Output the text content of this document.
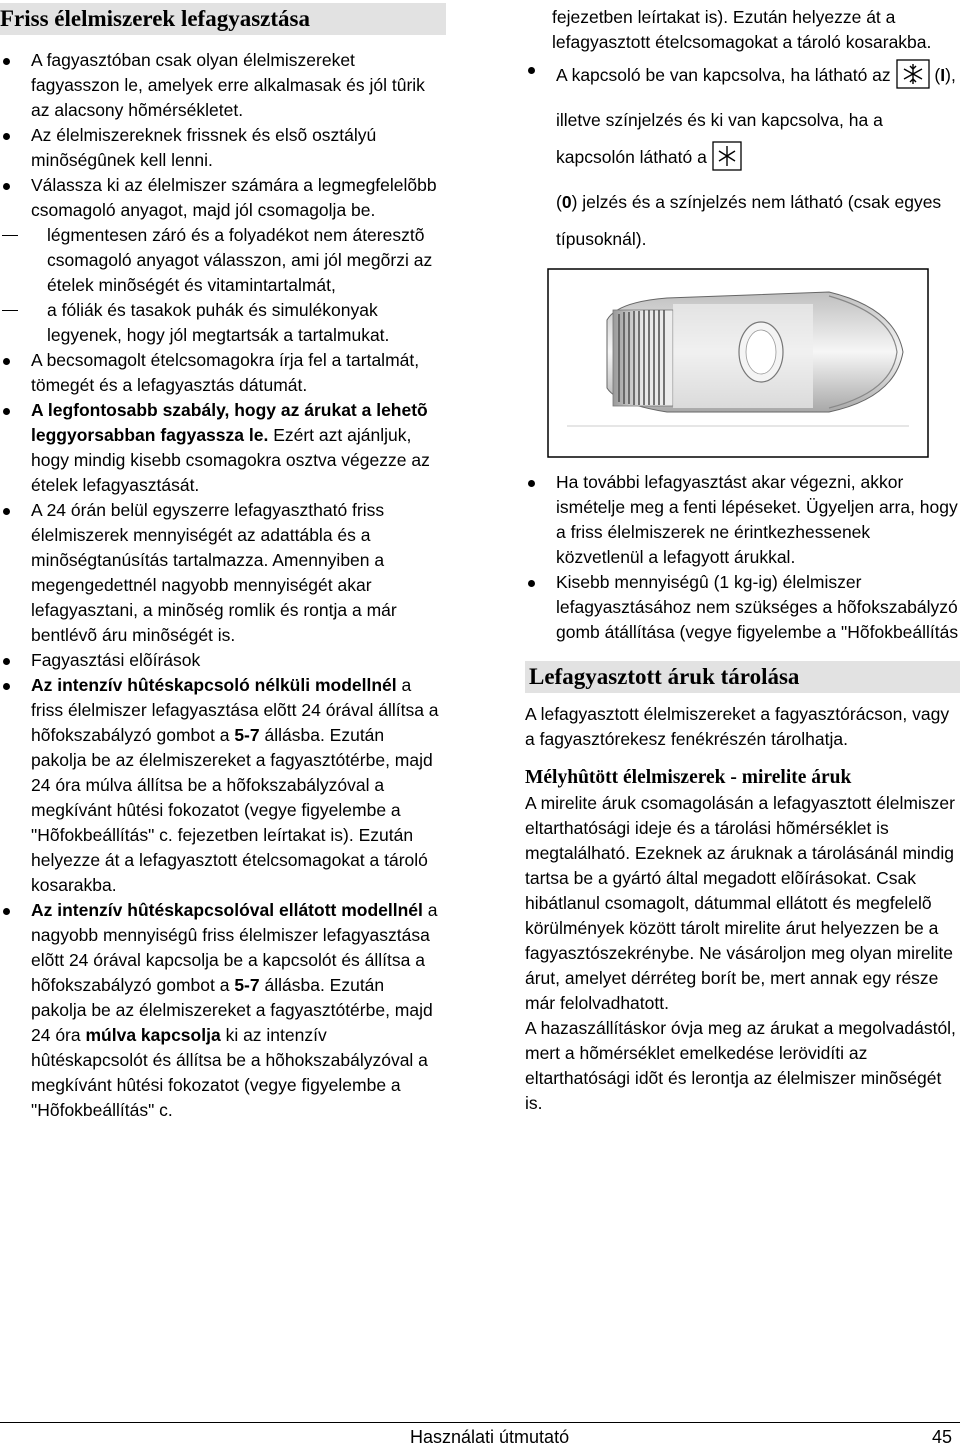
Friss élelmiszerek lefagyasztása
A fagyasztóban csak olyan élelmiszereket fagyasszon le, amelyek erre alkalmasak és jól tûrik az alacsony hõmérsékletet.
Az élelmiszereknek frissnek és elsõ osztályú minõségûnek kell lenni.
Válassza ki az élelmiszer számára a legmegfelelõbb csomagoló anyagot, majd jól csomagolja be.
légmentesen záró és a folyadékot nem áteresztõ csomagoló anyagot válasszon, ami jól megõrzi az ételek minõségét és vitamintartalmát,
a fóliák és tasakok puhák és simulékonyak legyenek, hogy jól megtartsák a tartalmukat.
A becsomagolt ételcsomagokra írja fel a tartalmát, tömegét és a lefagyasztás dátumát.
A legfontosabb szabály, hogy az árukat a lehetõ leggyorsabban fagyassza le. Ezért azt ajánljuk, hogy mindig kisebb csomagokra osztva végezze az ételek lefagyasztását.
A 24 órán belül egyszerre lefagyasztható friss élelmiszerek mennyiségét az adattábla és a minõségtanúsítás tartalmazza. Amennyiben a megengedettnél nagyobb mennyiségét akar lefagyasztani, a minõség romlik és rontja a már bentlévõ áru minõségét is.
Fagyasztási elõírások
Az intenzív hûtéskapcsoló nélküli modellnél a friss élelmiszer lefagyasztása elõtt 24 órával állítsa a hõfokszabályzó gombot a 5-7 állásba. Ezután pakolja be az élelmiszereket a fagyasztótérbe, majd 24 óra múlva állítsa be a hõfokszabályzóval a megkívánt hûtési fokozatot (vegye figyelembe a "Hõfokbeállítás" c. fejezetben leírtakat is). Ezután helyezze át a lefagyasztott ételcsomagokat a tároló kosarakba.
Az intenzív hûtéskapcsolóval ellátott modellnél a nagyobb mennyiségû friss élelmiszer lefagyasztása elõtt 24 órával kapcsolja be a kapcsolót és állítsa a hõfokszabályzó gombot a 5-7 állásba. Ezután pakolja be az élelmiszereket a fagyasztótérbe, majd 24 óra múlva kapcsolja ki az intenzív hûtéskapcsolót és állítsa be a hõhokszabályzóval a megkívánt hûtési fokozatot (vegye figyelembe a "Hõfokbeállítás" c.

fejezetben leírtakat is). Ezután helyezze át a lefagyasztott ételcsomagokat a tároló kosarakba.

A kapcsoló be van kapcsolva, ha látható az  (I), illetve színjelzés és ki van kapcsolva, ha a kapcsolón látható a
(0) jelzés és a színjelzés nem látható (csak egyes típusoknál).
Ha további lefagyasztást akar végezni, akkor ismételje meg a fenti lépéseket. Ügyeljen arra, hogy a friss élelmiszerek ne érintkezhessenek közvetlenül a lefagyott árukkal.
Kisebb mennyiségû (1 kg-ig) élelmiszer lefagyasztásához nem szükséges a hõfokszabályzó gomb átállítása (vegye figyelembe a "Hõfokbeállítás
Lefagyasztott áruk tárolása

A lefagyasztott élelmiszereket a fagyasztórácson, vagy a fagyasztórekesz fenékrészén tárolhatja.

Mélyhûtött élelmiszerek - mirelite áruk

A mirelite áruk csomagolásán a lefagyasztott élelmiszer eltarthatósági ideje és a tárolási hõmérséklet is megtalálható. Ezeknek az áruknak a tárolásánál mindig tartsa be a gyártó által megadott elõírásokat. Csak hibátlanul csomagolt, dátummal ellátott és megfelelõ körülmények között tárolt mirelite árut helyezzen be a fagyasztószekrénybe. Ne vásároljon meg olyan mirelite árut, amelyet dérréteg borít be, mert annak egy része már felolvadhatott.

A hazaszállításkor óvja meg az árukat a megolvadástól, mert a hõmérséklet emelkedése lerövidíti az eltarthatósági idõt és lerontja az élelmiszer minõségét is.

Használati útmutató	45
